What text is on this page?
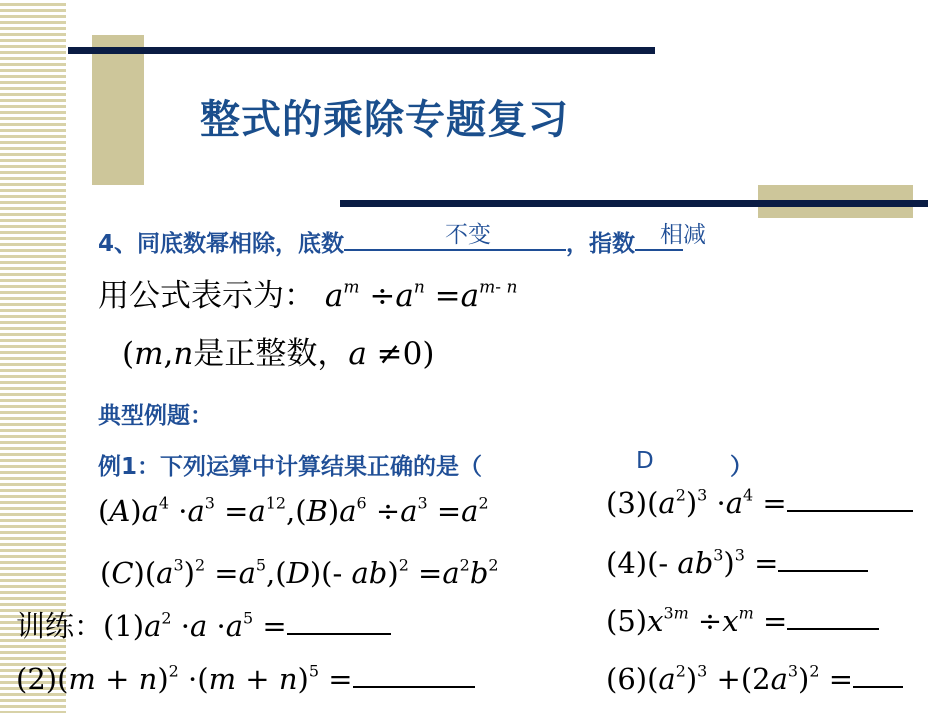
整式的乘除专题复习
4、同底数幂相除，底数	，指数
不变	相减
用公式表示为： $a^m \div a^n =a^{m- n}$
(m,n是正整数，a ≠0)
典型例题：
例1：下列运算中计算结果正确的是（	D	）
$(A)a^4 \cdot a^3 =a^{12},(B)a^6 \div a^3 =a^2$
$(C)(a^3)^2 =a^5,(D)(-$ $ab)^2 =a^2b^2$
$(3)(a^2)^3 \cdot a^4$ =
(4)(- $ab^3)^3$ =
$(5)x^{3m} \div x^m$ =
$(6)(a^2)^3 +(2a^3)^2$ =
训练：$(1)a^2 \cdot a \cdot a^5$ =
$(2)(m + n)^2 \cdot(m + n)^5$ =
